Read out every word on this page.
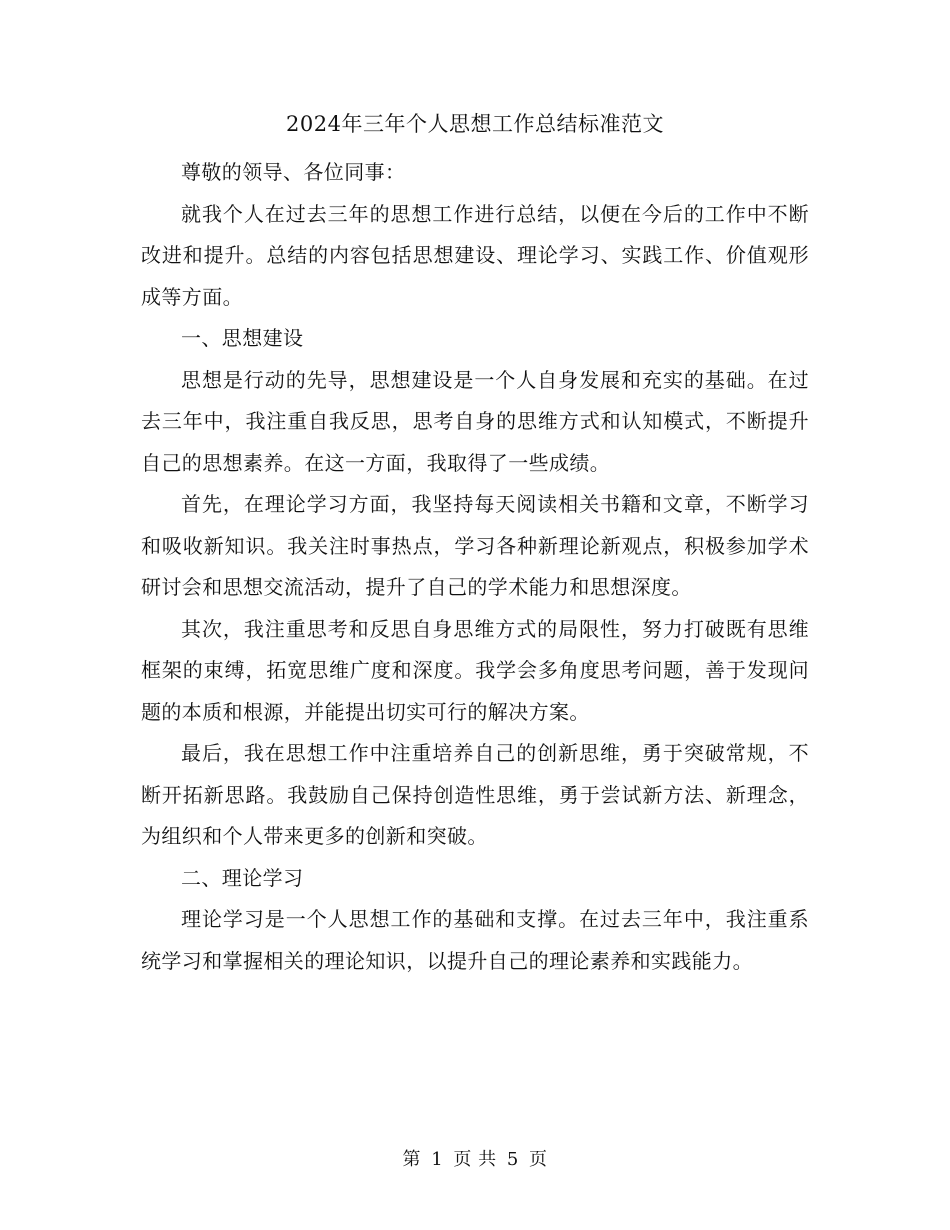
2024年三年个人思想工作总结标准范文

尊敬的领导、各位同事：

就我个人在过去三年的思想工作进行总结，以便在今后的工作中不断改进和提升。总结的内容包括思想建设、理论学习、实践工作、价值观形成等方面。

一、思想建设

思想是行动的先导，思想建设是一个人自身发展和充实的基础。在过去三年中，我注重自我反思，思考自身的思维方式和认知模式，不断提升自己的思想素养。在这一方面，我取得了一些成绩。

首先，在理论学习方面，我坚持每天阅读相关书籍和文章，不断学习和吸收新知识。我关注时事热点，学习各种新理论新观点，积极参加学术研讨会和思想交流活动，提升了自己的学术能力和思想深度。

其次，我注重思考和反思自身思维方式的局限性，努力打破既有思维框架的束缚，拓宽思维广度和深度。我学会多角度思考问题，善于发现问题的本质和根源，并能提出切实可行的解决方案。

最后，我在思想工作中注重培养自己的创新思维，勇于突破常规，不断开拓新思路。我鼓励自己保持创造性思维，勇于尝试新方法、新理念，为组织和个人带来更多的创新和突破。

二、理论学习

理论学习是一个人思想工作的基础和支撑。在过去三年中，我注重系统学习和掌握相关的理论知识，以提升自己的理论素养和实践能力。

第 1 页 共 5 页
